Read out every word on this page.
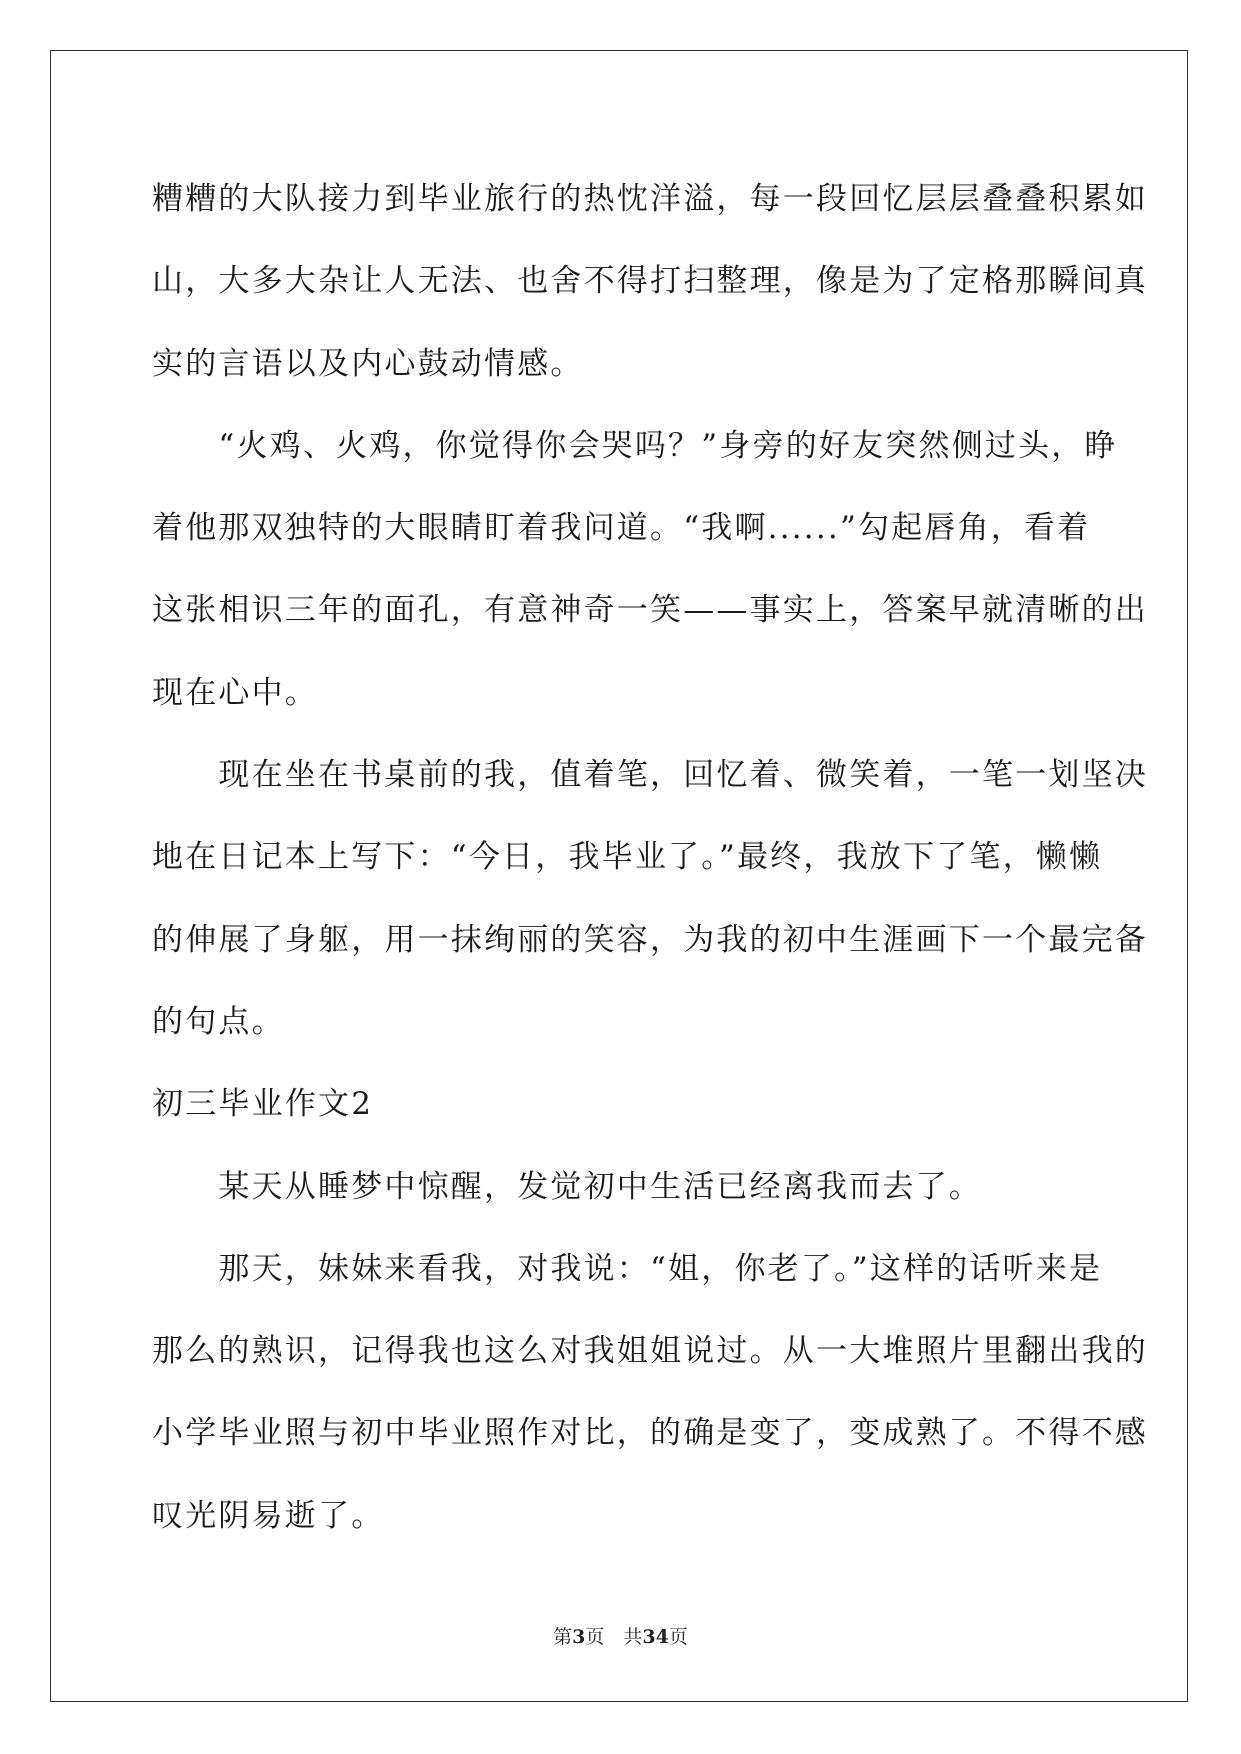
糟糟的大队接力到毕业旅行的热忱洋溢，每一段回忆层层叠叠积累如
山，大多大杂让人无法、也舍不得打扫整理，像是为了定格那瞬间真
实的言语以及内心鼓动情感。
　　“火鸡、火鸡，你觉得你会哭吗？”身旁的好友突然侧过头，睁
着他那双独特的大眼睛盯着我问道。“我啊......”勾起唇角，看着
这张相识三年的面孔，有意神奇一笑——事实上，答案早就清晰的出
现在心中。
　　现在坐在书桌前的我，值着笔，回忆着、微笑着，一笔一划坚决
地在日记本上写下：“今日，我毕业了。”最终，我放下了笔，懒懒
的伸展了身躯，用一抹绚丽的笑容，为我的初中生涯画下一个最完备
的句点。
初三毕业作文2
　　某天从睡梦中惊醒，发觉初中生活已经离我而去了。
　　那天，妹妹来看我，对我说：“姐，你老了。”这样的话听来是
那么的熟识，记得我也这么对我姐姐说过。从一大堆照片里翻出我的
小学毕业照与初中毕业照作对比，的确是变了，变成熟了。不得不感
叹光阴易逝了。
第3页　共34页
